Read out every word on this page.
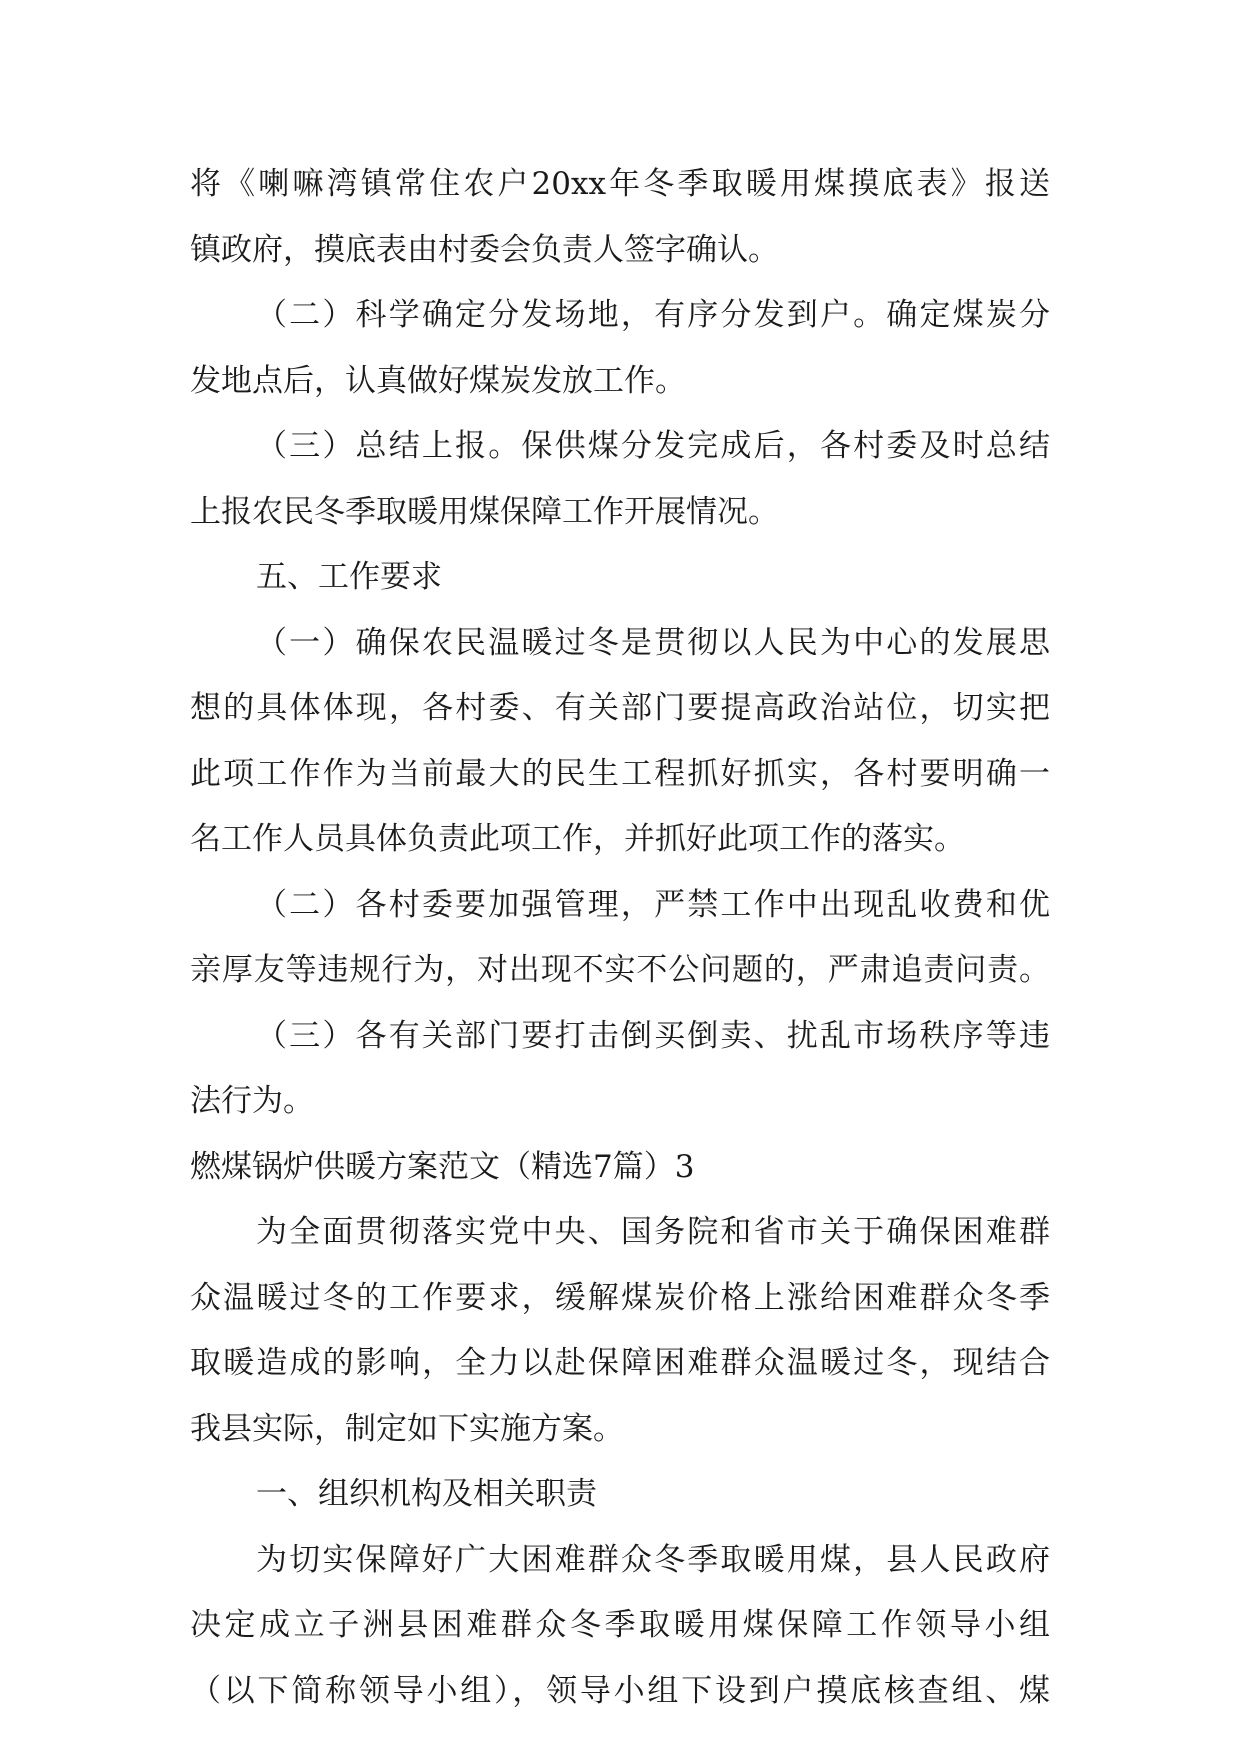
将《喇嘛湾镇常住农户20xx年冬季取暖用煤摸底表》报送
镇政府，摸底表由村委会负责人签字确认。
（二）科学确定分发场地，有序分发到户。确定煤炭分
发地点后，认真做好煤炭发放工作。
（三）总结上报。保供煤分发完成后，各村委及时总结
上报农民冬季取暖用煤保障工作开展情况。
五、工作要求
（一）确保农民温暖过冬是贯彻以人民为中心的发展思
想的具体体现，各村委、有关部门要提高政治站位，切实把
此项工作作为当前最大的民生工程抓好抓实，各村要明确一
名工作人员具体负责此项工作，并抓好此项工作的落实。
（二）各村委要加强管理，严禁工作中出现乱收费和优
亲厚友等违规行为，对出现不实不公问题的，严肃追责问责。
（三）各有关部门要打击倒买倒卖、扰乱市场秩序等违
法行为。
燃煤锅炉供暖方案范文（精选7篇）3
为全面贯彻落实党中央、国务院和省市关于确保困难群
众温暖过冬的工作要求，缓解煤炭价格上涨给困难群众冬季
取暖造成的影响，全力以赴保障困难群众温暖过冬，现结合
我县实际，制定如下实施方案。
一、组织机构及相关职责
为切实保障好广大困难群众冬季取暖用煤，县人民政府
决定成立子洲县困难群众冬季取暖用煤保障工作领导小组
（以下简称领导小组），领导小组下设到户摸底核查组、煤
